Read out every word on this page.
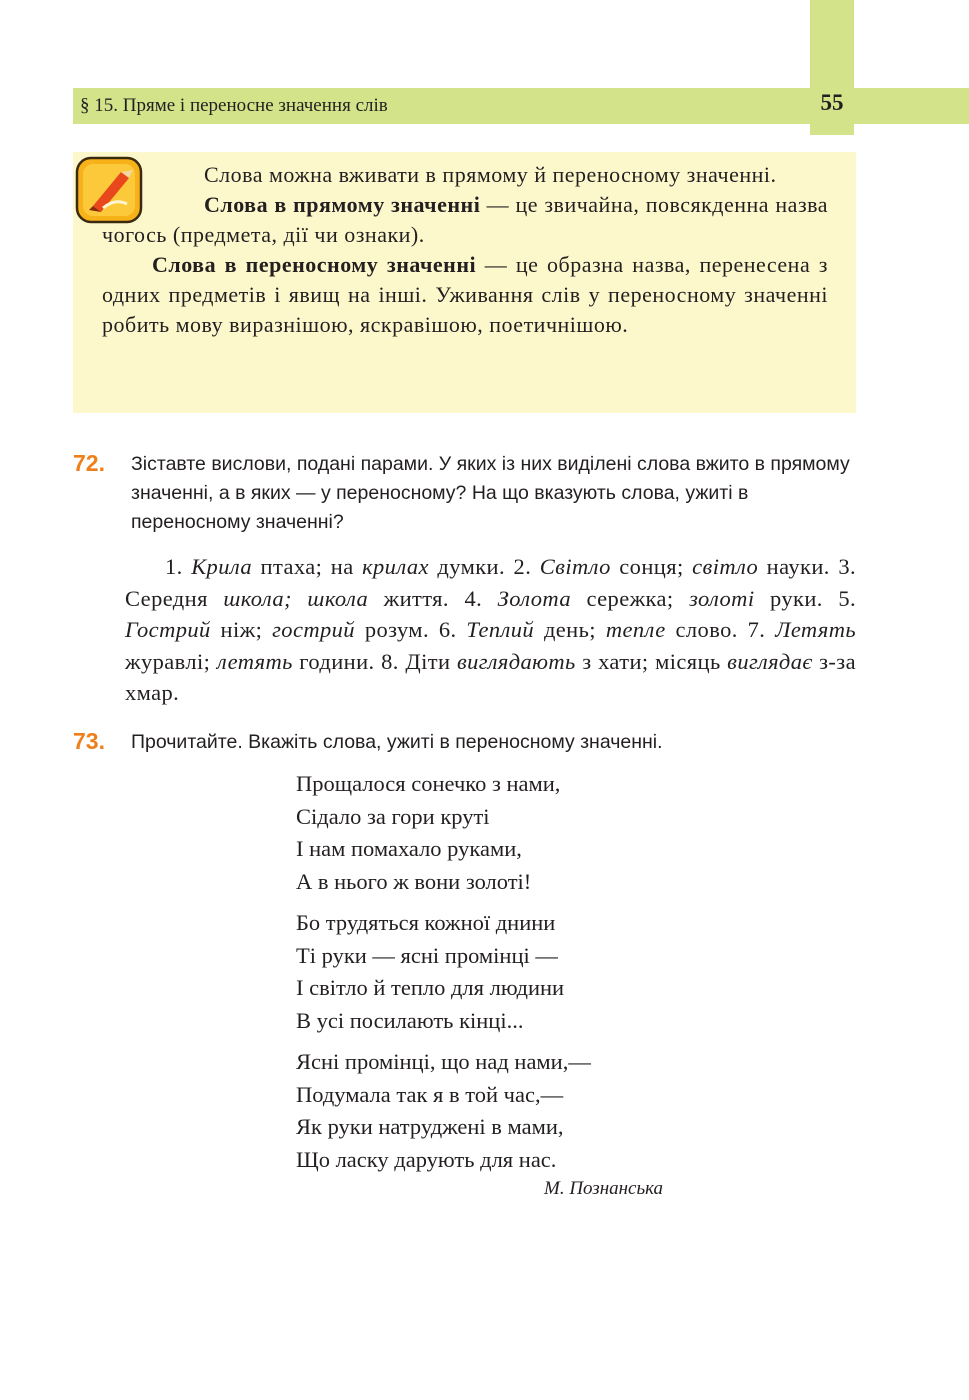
§ 15. Пряме і переносне значення слів	55

Слова можна вживати в прямому й переносному значенні.

Слова в прямому значенні — це звичайна, повсякденна назва чогось (предмета, дії чи ознаки).

Слова в переносному значенні — це образна назва, перенесена з одних предметів і явищ на інші. Уживання слів у переносному значенні робить мову виразнішою, яскравішою, поетичнішою.

72. Зіставте вислови, подані парами. У яких із них виділені слова вжито в прямому значенні, а в яких — у переносному? На що вказують слова, ужиті в переносному значенні?
1. Крила птаха; на крилах думки. 2. Світло сонця; світло науки. 3. Середня школа; школа життя. 4. Золота сережка; золоті руки. 5. Гострий ніж; гострий розум. 6. Теплий день; тепле слово. 7. Летять журавлі; летять години. 8. Діти виглядають з хати; місяць виглядає з-за хмар.
73. Прочитайте. Вкажіть слова, ужиті в переносному значенні.
Прощалося сонечко з нами,
Сідало за гори круті
І нам помахало руками,
А в нього ж вони золоті!
Бо трудяться кожної днини
Ті руки — ясні промінці —
І світло й тепло для людини
В усі посилають кінці...
Ясні промінці, що над нами,—
Подумала так я в той час,—
Як руки натруджені в мами,
Що ласку дарують для нас.
М. Познанська
